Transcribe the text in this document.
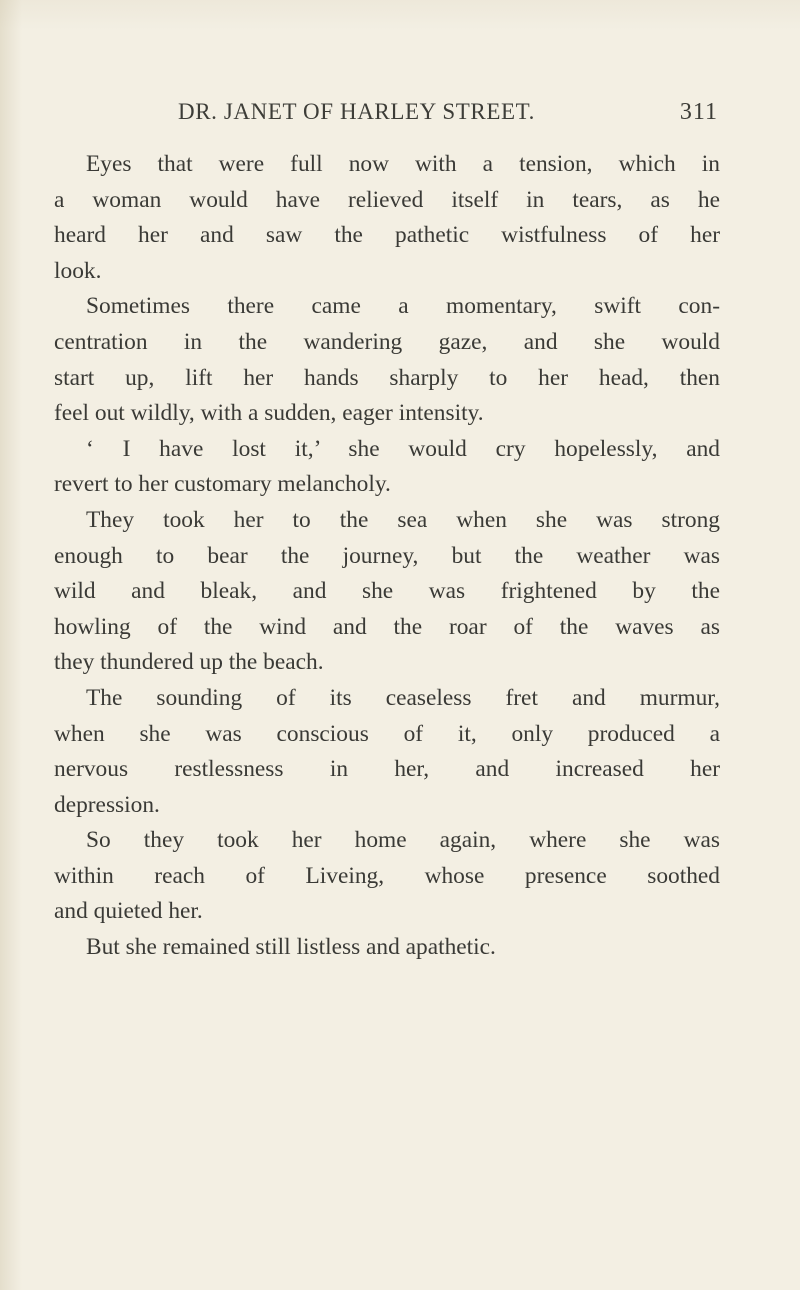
DR. JANET OF HARLEY STREET.	311
Eyes that were full now with a tension, which in
a woman would have relieved itself in tears, as he
heard her and saw the pathetic wistfulness of her
look.
Sometimes there came a momentary, swift con-
centration in the wandering gaze, and she would
start up, lift her hands sharply to her head, then
feel out wildly, with a sudden, eager intensity.
‘ I have lost it,’ she would cry hopelessly, and
revert to her customary melancholy.
They took her to the sea when she was strong
enough to bear the journey, but the weather was
wild and bleak, and she was frightened by the
howling of the wind and the roar of the waves as
they thundered up the beach.
The sounding of its ceaseless fret and murmur,
when she was conscious of it, only produced a
nervous restlessness in her, and increased her
depression.
So they took her home again, where she was
within reach of Liveing, whose presence soothed
and quieted her.
But she remained still listless and apathetic.
